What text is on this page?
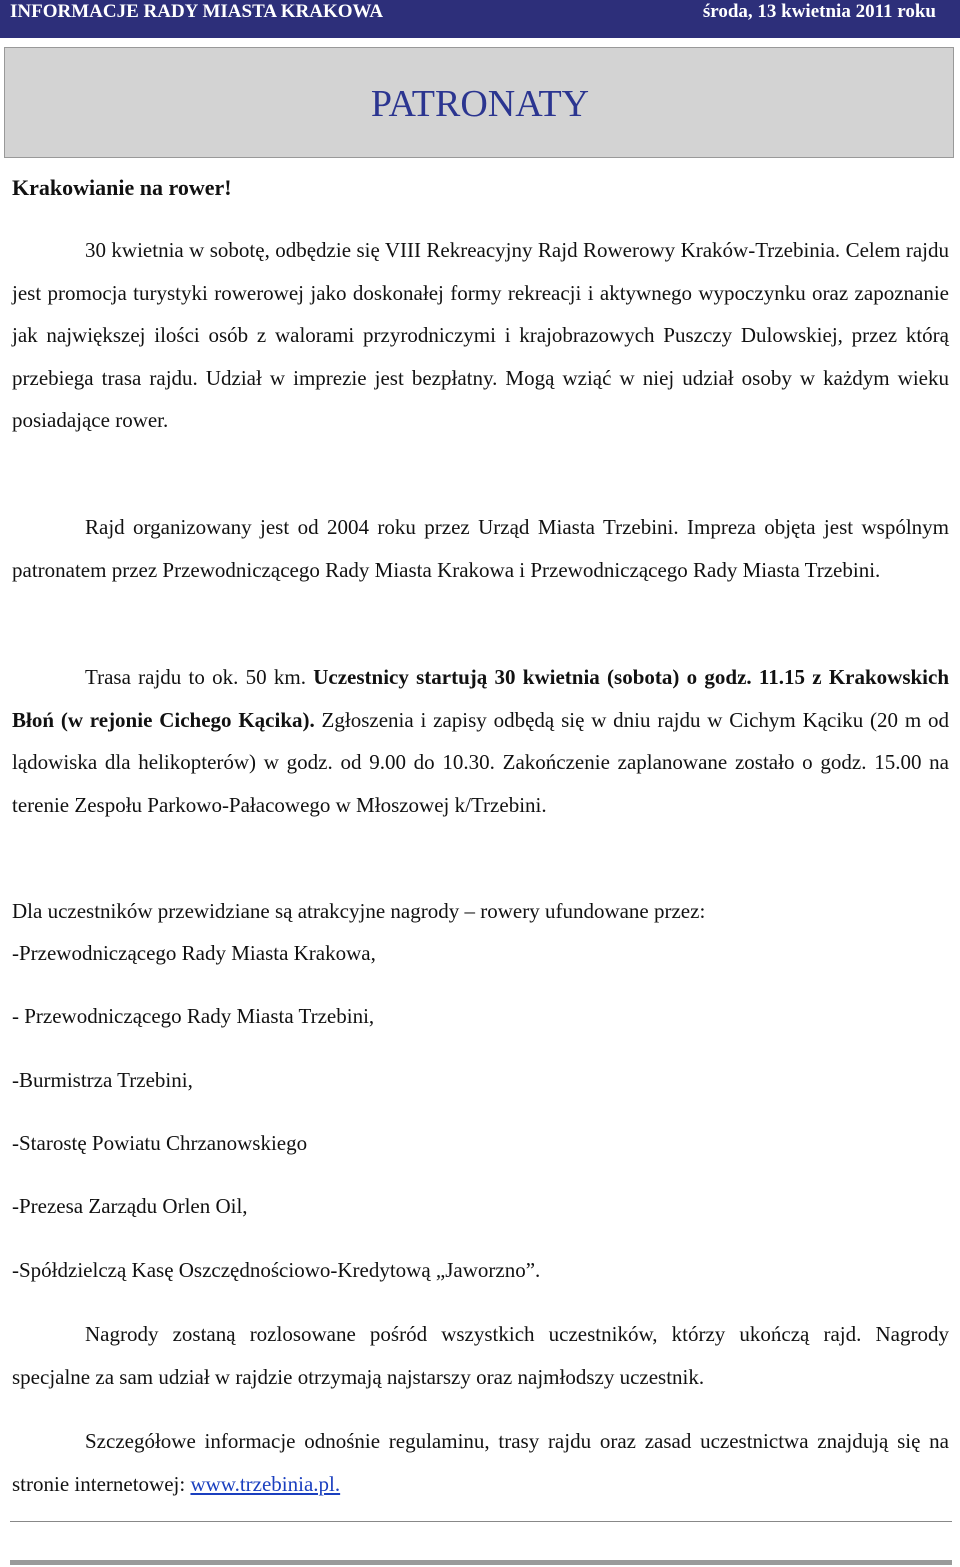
INFORMACJE RADY MIASTA KRAKOWA	środa, 13 kwietnia 2011 roku
PATRONATY
Krakowianie na rower!

30 kwietnia w sobotę, odbędzie się VIII Rekreacyjny Rajd Rowerowy Kraków-Trzebinia. Celem rajdu jest promocja turystyki rowerowej jako doskonałej formy rekreacji i aktywnego wypoczynku oraz zapoznanie jak największej ilości osób z walorami przyrodniczymi i krajobrazowych Puszczy Dulowskiej, przez którą przebiega trasa rajdu. Udział w imprezie jest bezpłatny. Mogą wziąć w niej udział osoby w każdym wieku posiadające rower.

Rajd organizowany jest od 2004 roku przez Urząd Miasta Trzebini. Impreza objęta jest wspólnym patronatem przez Przewodniczącego Rady Miasta Krakowa i Przewodniczącego Rady Miasta Trzebini.

Trasa rajdu to ok. 50 km. Uczestnicy startują 30 kwietnia (sobota) o godz. 11.15 z Krakowskich Błoń (w rejonie Cichego Kącika). Zgłoszenia i zapisy odbędą się w dniu rajdu w Cichym Kąciku (20 m od lądowiska dla helikopterów) w godz. od 9.00 do 10.30. Zakończenie zaplanowane zostało o godz. 15.00 na terenie Zespołu Parkowo-Pałacowego w Młoszowej k/Trzebini.

Dla uczestników przewidziane są atrakcyjne nagrody – rowery ufundowane przez:

-Przewodniczącego Rady Miasta Krakowa,
- Przewodniczącego Rady Miasta Trzebini,
-Burmistrza Trzebini,
-Starostę Powiatu Chrzanowskiego
-Prezesa Zarządu Orlen Oil,
-Spółdzielczą Kasę Oszczędnościowo-Kredytową „Jaworzno”.

Nagrody zostaną rozlosowane pośród wszystkich uczestników, którzy ukończą rajd. Nagrody specjalne za sam udział w rajdzie otrzymają najstarszy oraz najmłodszy uczestnik.

Szczegółowe informacje odnośnie regulaminu, trasy rajdu oraz zasad uczestnictwa znajdują się na stronie internetowej: www.trzebinia.pl.
